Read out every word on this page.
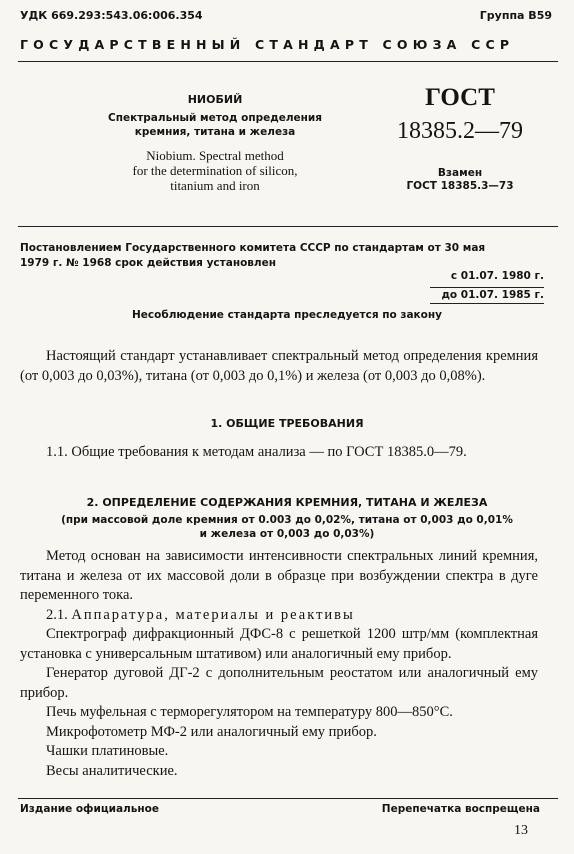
УДК 669.293:543.06:006.354	Группа В59
ГОСУДАРСТВЕННЫЙ СТАНДАРТ СОЮЗА ССР
НИОБИЙ
Спектральный метод определения
кремния, титана и железа
Niobium. Spectral method
for the determination of silicon,
titanium and iron
ГОСТ
18385.2—79
Взамен
ГОСТ 18385.3—73
Постановлением Государственного комитета СССР по стандартам от 30 мая
1979 г. № 1968 срок действия установлен
с 01.07. 1980 г.
до 01.07. 1985 г.
Несоблюдение стандарта преследуется по закону

Настоящий стандарт устанавливает спектральный метод определения кремния (от 0,003 до 0,03%), титана (от 0,003 до 0,1%) и железа (от 0,003 до 0,08%).

1. ОБЩИЕ ТРЕБОВАНИЯ

1.1. Общие требования к методам анализа — по ГОСТ 18385.0—79.

2. ОПРЕДЕЛЕНИЕ СОДЕРЖАНИЯ КРЕМНИЯ, ТИТАНА И ЖЕЛЕЗА
(при массовой доле кремния от 0.003 до 0,02%, титана от 0,003 до 0,01%
и железа от 0,003 до 0,03%)

Метод основан на зависимости интенсивности спектральных линий кремния, титана и железа от их массовой доли в образце при возбуждении спектра в дуге переменного тока.

2.1. Аппаратура, материалы и реактивы

Спектрограф дифракционный ДФС-8 с решеткой 1200 штр/мм (комплектная установка с универсальным штативом) или аналогичный ему прибор.

Генератор дуговой ДГ-2 с дополнительным реостатом или аналогичный ему прибор.

Печь муфельная с терморегулятором на температуру 800—850°С.

Микрофотометр МФ-2 или аналогичный ему прибор.

Чашки платиновые.

Весы аналитические.

Издание официальное	Перепечатка воспрещена
13
